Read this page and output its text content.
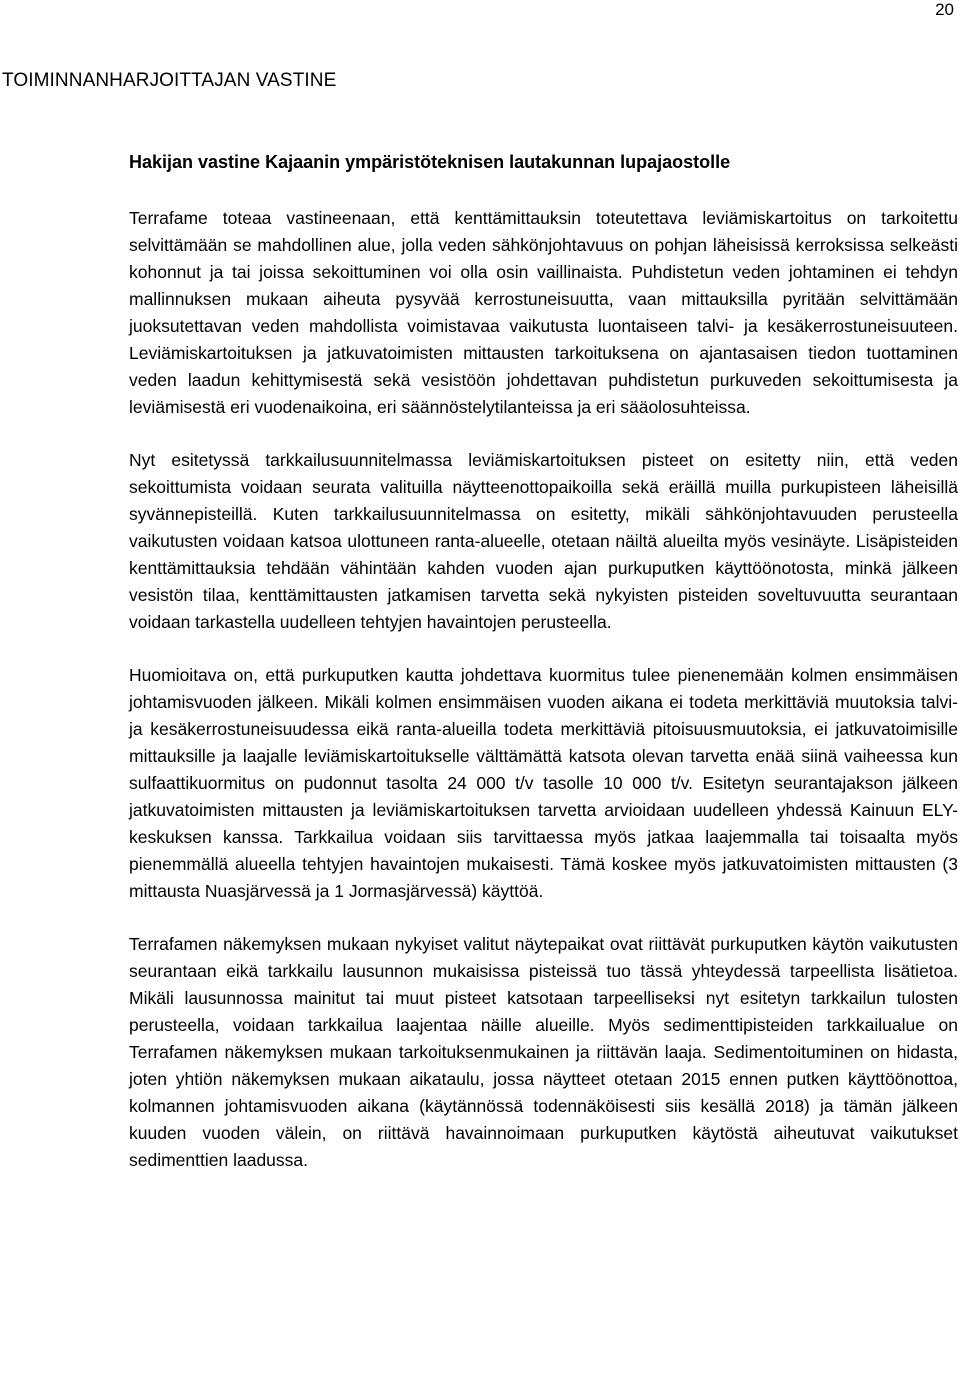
20
TOIMINNANHARJOITTAJAN VASTINE
Hakijan vastine Kajaanin ympäristöteknisen lautakunnan lupajaostolle

Terrafame toteaa vastineenaan, että kenttämittauksin toteutettava leviämiskartoitus on tarkoitettu selvittämään se mahdollinen alue, jolla veden sähkönjohtavuus on pohjan läheisissä kerroksissa selkeästi kohonnut ja tai joissa sekoittuminen voi olla osin vaillinaista. Puhdistetun veden johtaminen ei tehdyn mallinnuksen mukaan aiheuta pysyvää kerrostuneisuutta, vaan mittauksilla pyritään selvittämään juoksutettavan veden mahdollista voimistavaa vaikutusta luontaiseen talvi- ja kesäkerrostuneisuuteen. Leviämiskartoituksen ja jatkuvatoimisten mittausten tarkoituksena on ajantasaisen tiedon tuottaminen veden laadun kehittymisestä sekä vesistöön johdettavan puhdistetun purkuveden sekoittumisesta ja leviämisestä eri vuodenaikoina, eri säännöstelytilanteissa ja eri sääolosuhteissa.

Nyt esitetyssä tarkkailusuunnitelmassa leviämiskartoituksen pisteet on esitetty niin, että veden sekoittumista voidaan seurata valituilla näytteenottopaikoilla sekä eräillä muilla purkupisteen läheisillä syvännepisteillä. Kuten tarkkailusuunnitelmassa on esitetty, mikäli sähkönjohtavuuden perusteella vaikutusten voidaan katsoa ulottuneen ranta-alueelle, otetaan näiltä alueilta myös vesinäyte. Lisäpisteiden kenttämittauksia tehdään vähintään kahden vuoden ajan purkuputken käyttöönotosta, minkä jälkeen vesistön tilaa, kenttämittausten jatkamisen tarvetta sekä nykyisten pisteiden soveltuvuutta seurantaan voidaan tarkastella uudelleen tehtyjen havaintojen perusteella.

Huomioitava on, että purkuputken kautta johdettava kuormitus tulee pienenemään kolmen ensimmäisen johtamisvuoden jälkeen. Mikäli kolmen ensimmäisen vuoden aikana ei todeta merkittäviä muutoksia talvi- ja kesäkerrostuneisuudessa eikä ranta-alueilla todeta merkittäviä pitoisuusmuutoksia, ei jatkuvatoimisille mittauksille ja laajalle leviämiskartoitukselle välttämättä katsota olevan tarvetta enää siinä vaiheessa kun sulfaattikuormitus on pudonnut tasolta 24 000 t/v tasolle 10 000 t/v. Esitetyn seurantajakson jälkeen jatkuvatoimisten mittausten ja leviämiskartoituksen tarvetta arvioidaan uudelleen yhdessä Kainuun ELY-keskuksen kanssa. Tarkkailua voidaan siis tarvittaessa myös jatkaa laajemmalla tai toisaalta myös pienemmällä alueella tehtyjen havaintojen mukaisesti. Tämä koskee myös jatkuvatoimisten mittausten (3 mittausta Nuasjärvessä ja 1 Jormasjärvessä) käyttöä.

Terrafamen näkemyksen mukaan nykyiset valitut näytepaikat ovat riittävät purkuputken käytön vaikutusten seurantaan eikä tarkkailu lausunnon mukaisissa pisteissä tuo tässä yhteydessä tarpeellista lisätietoa. Mikäli lausunnossa mainitut tai muut pisteet katsotaan tarpeelliseksi nyt esitetyn tarkkailun tulosten perusteella, voidaan tarkkailua laajentaa näille alueille. Myös sedimenttipisteiden tarkkailualue on Terrafamen näkemyksen mukaan tarkoituksenmukainen ja riittävän laaja. Sedimentoituminen on hidasta, joten yhtiön näkemyksen mukaan aikataulu, jossa näytteet otetaan 2015 ennen putken käyttöönottoa, kolmannen johtamisvuoden aikana (käytännössä todennäköisesti siis kesällä 2018) ja tämän jälkeen kuuden vuoden välein, on riittävä havainnoimaan purkuputken käytöstä aiheutuvat vaikutukset sedimenttien laadussa.
